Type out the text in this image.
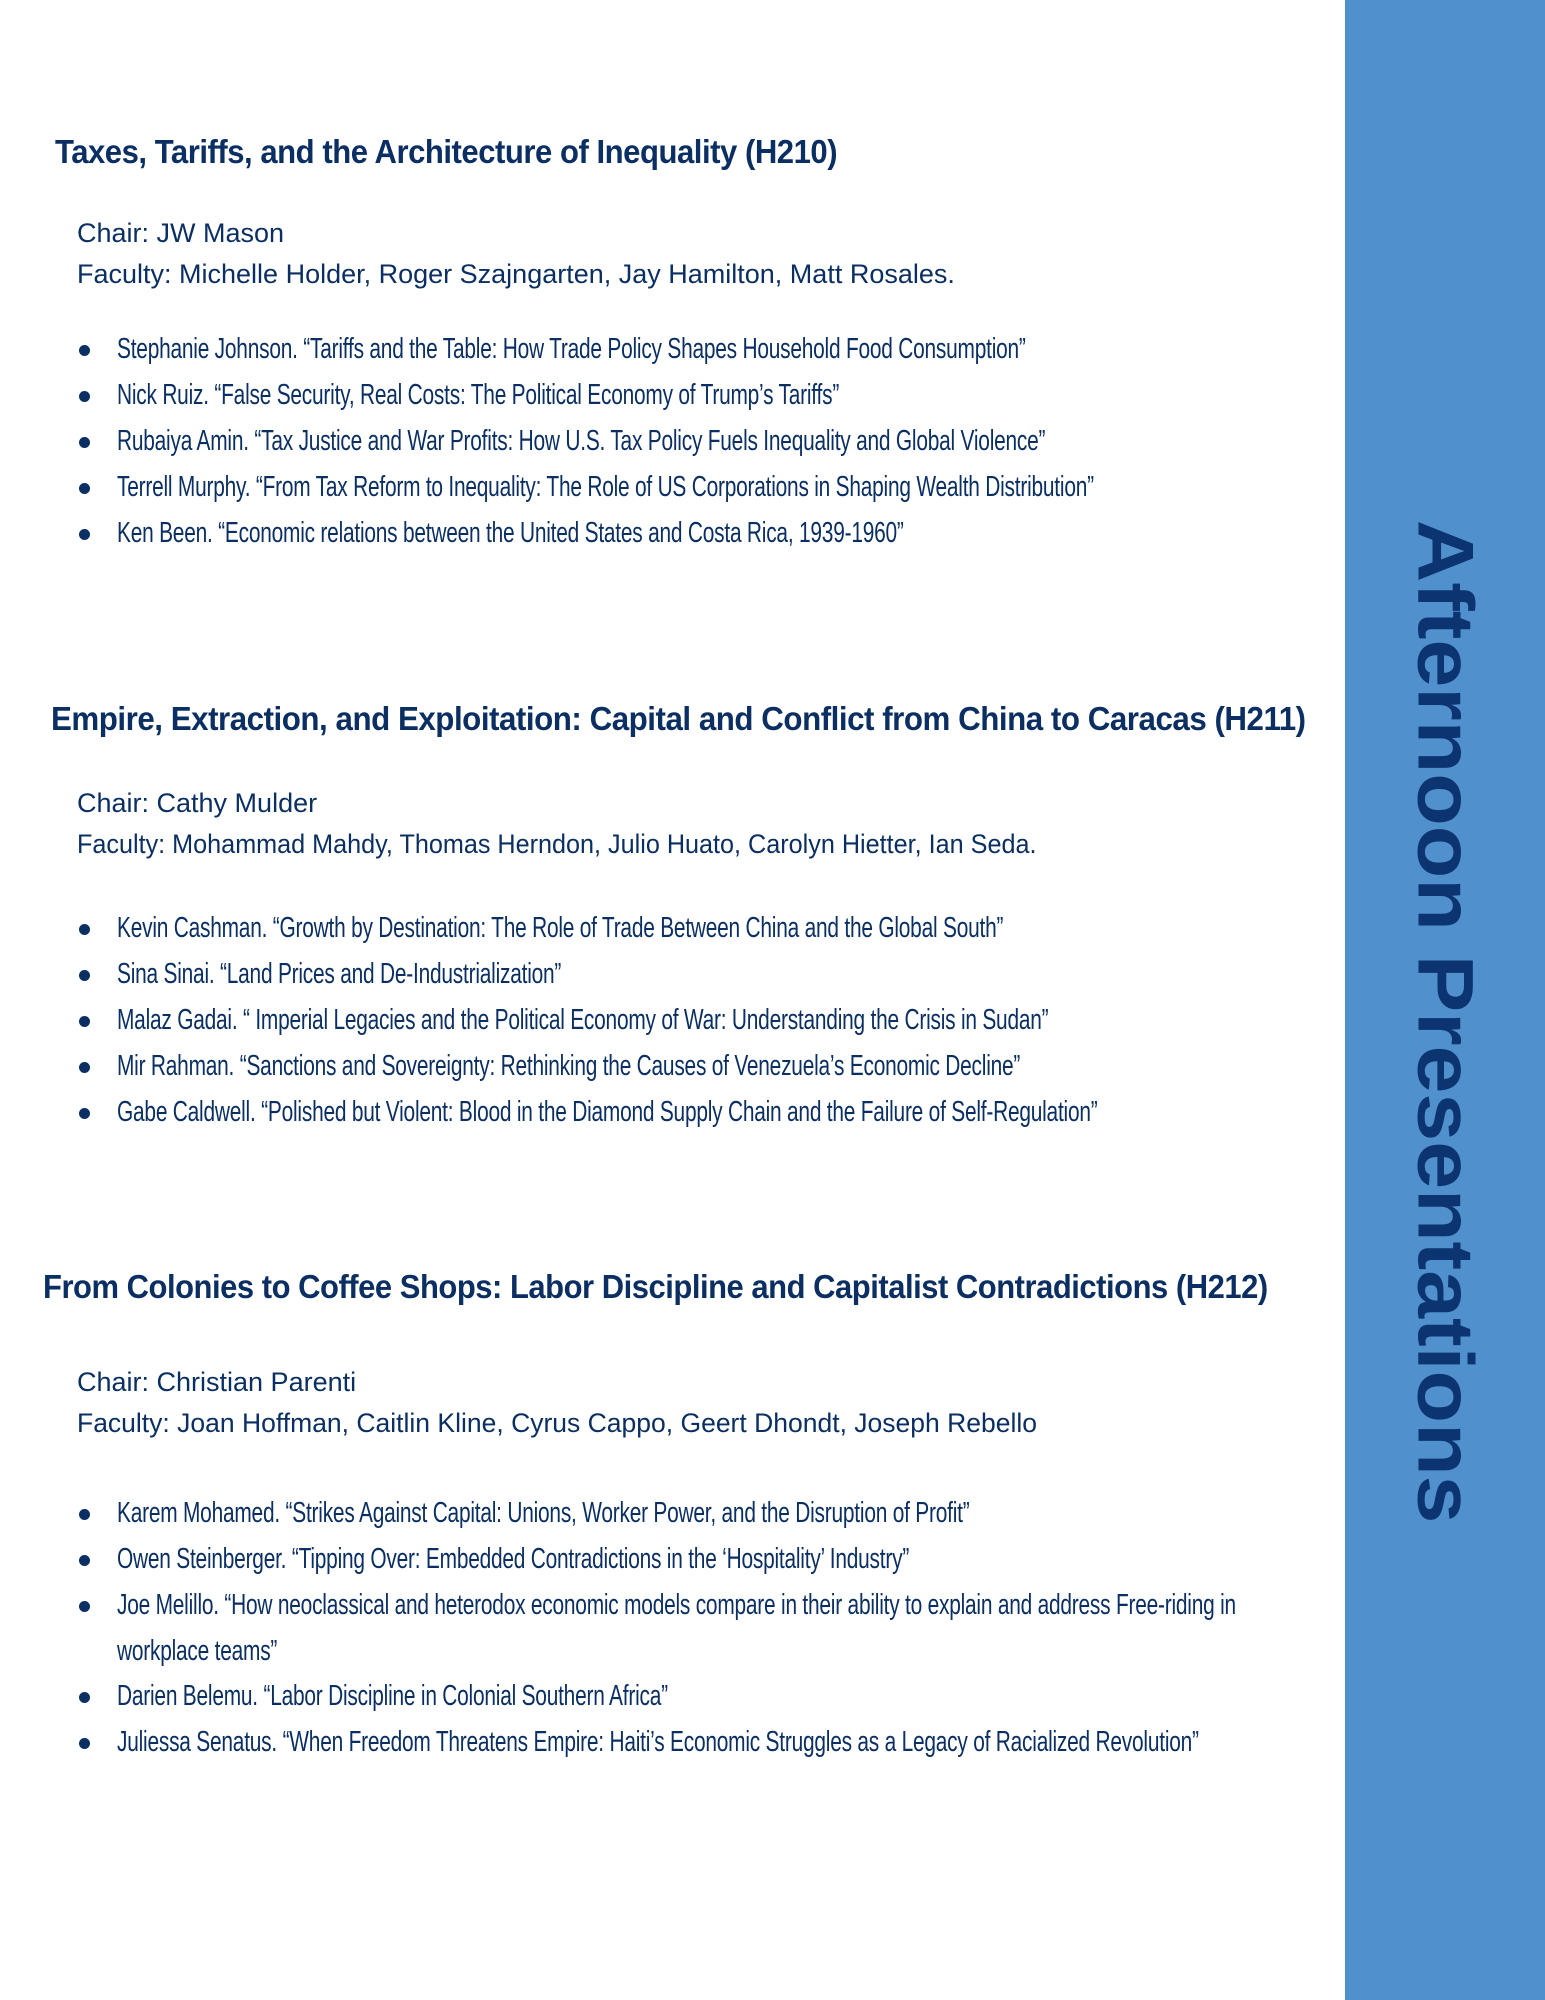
Afternoon Presentations
Taxes, Tariffs, and the Architecture of Inequality (H210)
Chair: JW Mason
Faculty: Michelle Holder, Roger Szajngarten, Jay Hamilton, Matt Rosales.
Stephanie Johnson. “Tariffs and the Table: How Trade Policy Shapes Household Food Consumption”
Nick Ruiz. “False Security, Real Costs: The Political Economy of Trump’s Tariffs”
Rubaiya Amin. “Tax Justice and War Profits: How U.S. Tax Policy Fuels Inequality and Global Violence”
Terrell Murphy. “From Tax Reform to Inequality: The Role of US Corporations in Shaping Wealth Distribution”
Ken Been. “Economic relations between the United States and Costa Rica, 1939-1960”
Empire, Extraction, and Exploitation: Capital and Conflict from China to Caracas (H211)
Chair: Cathy Mulder
Faculty: Mohammad Mahdy, Thomas Herndon, Julio Huato, Carolyn Hietter, Ian Seda.
Kevin Cashman. “Growth by Destination: The Role of Trade Between China and the Global South”
Sina Sinai. “Land Prices and De-Industrialization”
Malaz Gadai. “ Imperial Legacies and the Political Economy of War: Understanding the Crisis in Sudan”
Mir Rahman. “Sanctions and Sovereignty: Rethinking the Causes of Venezuela’s Economic Decline”
Gabe Caldwell. “Polished but Violent: Blood in the Diamond Supply Chain and the Failure of Self-Regulation”
From Colonies to Coffee Shops: Labor Discipline and Capitalist Contradictions (H212)
Chair: Christian Parenti
Faculty: Joan Hoffman, Caitlin Kline, Cyrus Cappo, Geert Dhondt, Joseph Rebello
Karem Mohamed. “Strikes Against Capital: Unions, Worker Power, and the Disruption of Profit”
Owen Steinberger. “Tipping Over: Embedded Contradictions in the ‘Hospitality’ Industry”
Joe Melillo. “How neoclassical and heterodox economic models compare in their ability to explain and address Free-riding in workplace teams”
Darien Belemu. “Labor Discipline in Colonial Southern Africa”
Juliessa Senatus. “When Freedom Threatens Empire: Haiti’s Economic Struggles as a Legacy of Racialized Revolution”
